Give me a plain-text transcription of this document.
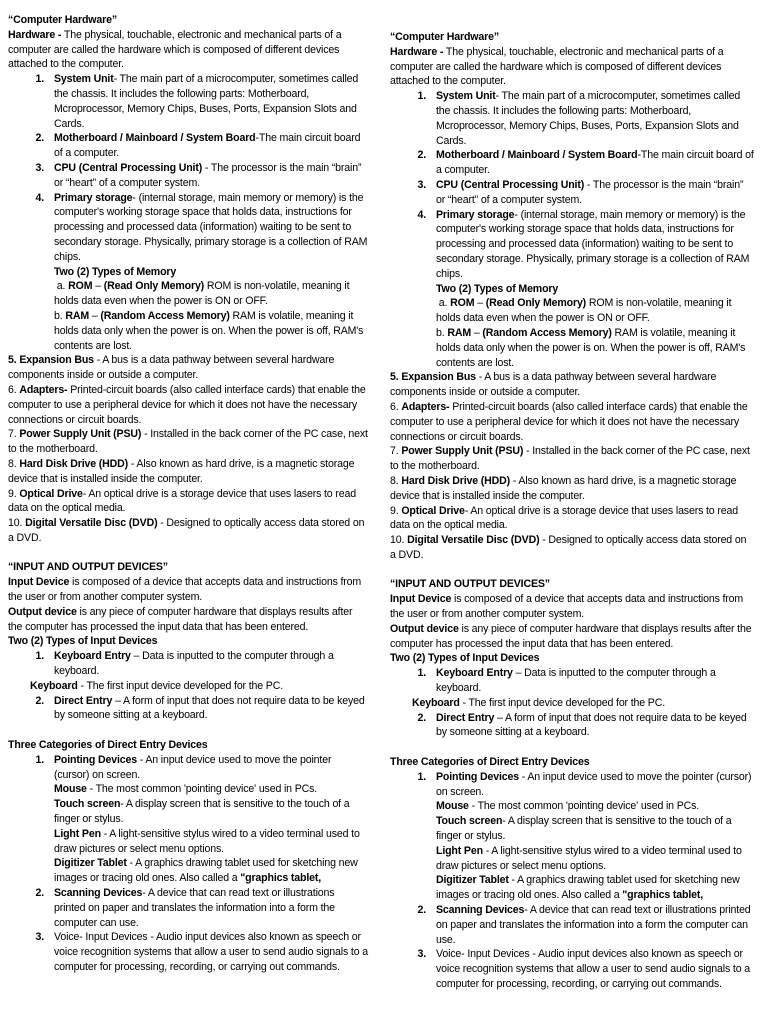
“Computer Hardware”

Hardware - The physical, touchable, electronic and mechanical parts of a computer are called the hardware which is composed of different devices attached to the computer.

1. System Unit- The main part of a microcomputer, sometimes called the chassis. It includes the following parts: Motherboard, Mcroprocessor, Memory Chips, Buses, Ports, Expansion Slots and Cards.
2. Motherboard / Mainboard / System Board-The main circuit board of a computer.
3. CPU (Central Processing Unit) - The processor is the main “brain” or “heart” of a computer system.
4. Primary storage- (internal storage, main memory or memory) is the computer's working storage space that holds data, instructions for processing and processed data (information) waiting to be sent to secondary storage. Physically, primary storage is a collection of RAM chips.

Two (2) Types of Memory

a. ROM – (Read Only Memory) ROM is non-volatile, meaning it holds data even when the power is ON or OFF.

b. RAM – (Random Access Memory) RAM is volatile, meaning it holds data only when the power is on. When the power is off, RAM's contents are lost.

5. Expansion Bus - A bus is a data pathway between several hardware components inside or outside a computer.

6. Adapters- Printed-circuit boards (also called interface cards) that enable the computer to use a peripheral device for which it does not have the necessary connections or circuit boards.

7. Power Supply Unit (PSU) - Installed in the back corner of the PC case, next to the motherboard.

8. Hard Disk Drive (HDD) - Also known as hard drive, is a magnetic storage device that is installed inside the computer.

9. Optical Drive- An optical drive is a storage device that uses lasers to read data on the optical media.

10. Digital Versatile Disc (DVD) - Designed to optically access data stored on a DVD.

“INPUT AND OUTPUT DEVICES”

Input Device is composed of a device that accepts data and instructions from the user or from another computer system.

Output device is any piece of computer hardware that displays results after the computer has processed the input data that has been entered.

Two (2) Types of Input Devices

1. Keyboard Entry – Data is inputted to the computer through a keyboard.

Keyboard - The first input device developed for the PC.

2. Direct Entry – A form of input that does not require data to be keyed by someone sitting at a keyboard.

Three Categories of Direct Entry Devices

1. Pointing Devices - An input device used to move the pointer (cursor) on screen.

Mouse - The most common 'pointing device' used in PCs.

Touch screen- A display screen that is sensitive to the touch of a finger or stylus.

Light Pen - A light-sensitive stylus wired to a video terminal used to draw pictures or select menu options.

Digitizer Tablet - A graphics drawing tablet used for sketching new images or tracing old ones. Also called a "graphics tablet,

2. Scanning Devices- A device that can read text or illustrations printed on paper and translates the information into a form the computer can use.
3. Voice- Input Devices - Audio input devices also known as speech or voice recognition systems that allow a user to send audio signals to a computer for processing, recording, or carrying out commands.

“Computer Hardware”

Hardware - The physical, touchable, electronic and mechanical parts of a computer are called the hardware which is composed of different devices attached to the computer.

1. System Unit- The main part of a microcomputer, sometimes called the chassis. It includes the following parts: Motherboard, Mcroprocessor, Memory Chips, Buses, Ports, Expansion Slots and Cards.
2. Motherboard / Mainboard / System Board-The main circuit board of a computer.
3. CPU (Central Processing Unit) - The processor is the main “brain” or “heart” of a computer system.
4. Primary storage- (internal storage, main memory or memory) is the computer's working storage space that holds data, instructions for processing and processed data (information) waiting to be sent to secondary storage. Physically, primary storage is a collection of RAM chips.

Two (2) Types of Memory

a. ROM – (Read Only Memory) ROM is non-volatile, meaning it holds data even when the power is ON or OFF.

b. RAM – (Random Access Memory) RAM is volatile, meaning it holds data only when the power is on. When the power is off, RAM's contents are lost.

5. Expansion Bus - A bus is a data pathway between several hardware components inside or outside a computer.

6. Adapters- Printed-circuit boards (also called interface cards) that enable the computer to use a peripheral device for which it does not have the necessary connections or circuit boards.

7. Power Supply Unit (PSU) - Installed in the back corner of the PC case, next to the motherboard.

8. Hard Disk Drive (HDD) - Also known as hard drive, is a magnetic storage device that is installed inside the computer.

9. Optical Drive- An optical drive is a storage device that uses lasers to read data on the optical media.

10. Digital Versatile Disc (DVD) - Designed to optically access data stored on a DVD.

“INPUT AND OUTPUT DEVICES”

Input Device is composed of a device that accepts data and instructions from the user or from another computer system.

Output device is any piece of computer hardware that displays results after the computer has processed the input data that has been entered.

Two (2) Types of Input Devices

1. Keyboard Entry – Data is inputted to the computer through a keyboard.

Keyboard - The first input device developed for the PC.

2. Direct Entry – A form of input that does not require data to be keyed by someone sitting at a keyboard.

Three Categories of Direct Entry Devices

1. Pointing Devices - An input device used to move the pointer (cursor) on screen.

Mouse - The most common 'pointing device' used in PCs.

Touch screen- A display screen that is sensitive to the touch of a finger or stylus.

Light Pen - A light-sensitive stylus wired to a video terminal used to draw pictures or select menu options.

Digitizer Tablet - A graphics drawing tablet used for sketching new images or tracing old ones. Also called a "graphics tablet,

2. Scanning Devices- A device that can read text or illustrations printed on paper and translates the information into a form the computer can use.
3. Voice- Input Devices - Audio input devices also known as speech or voice recognition systems that allow a user to send audio signals to a computer for processing, recording, or carrying out commands.
